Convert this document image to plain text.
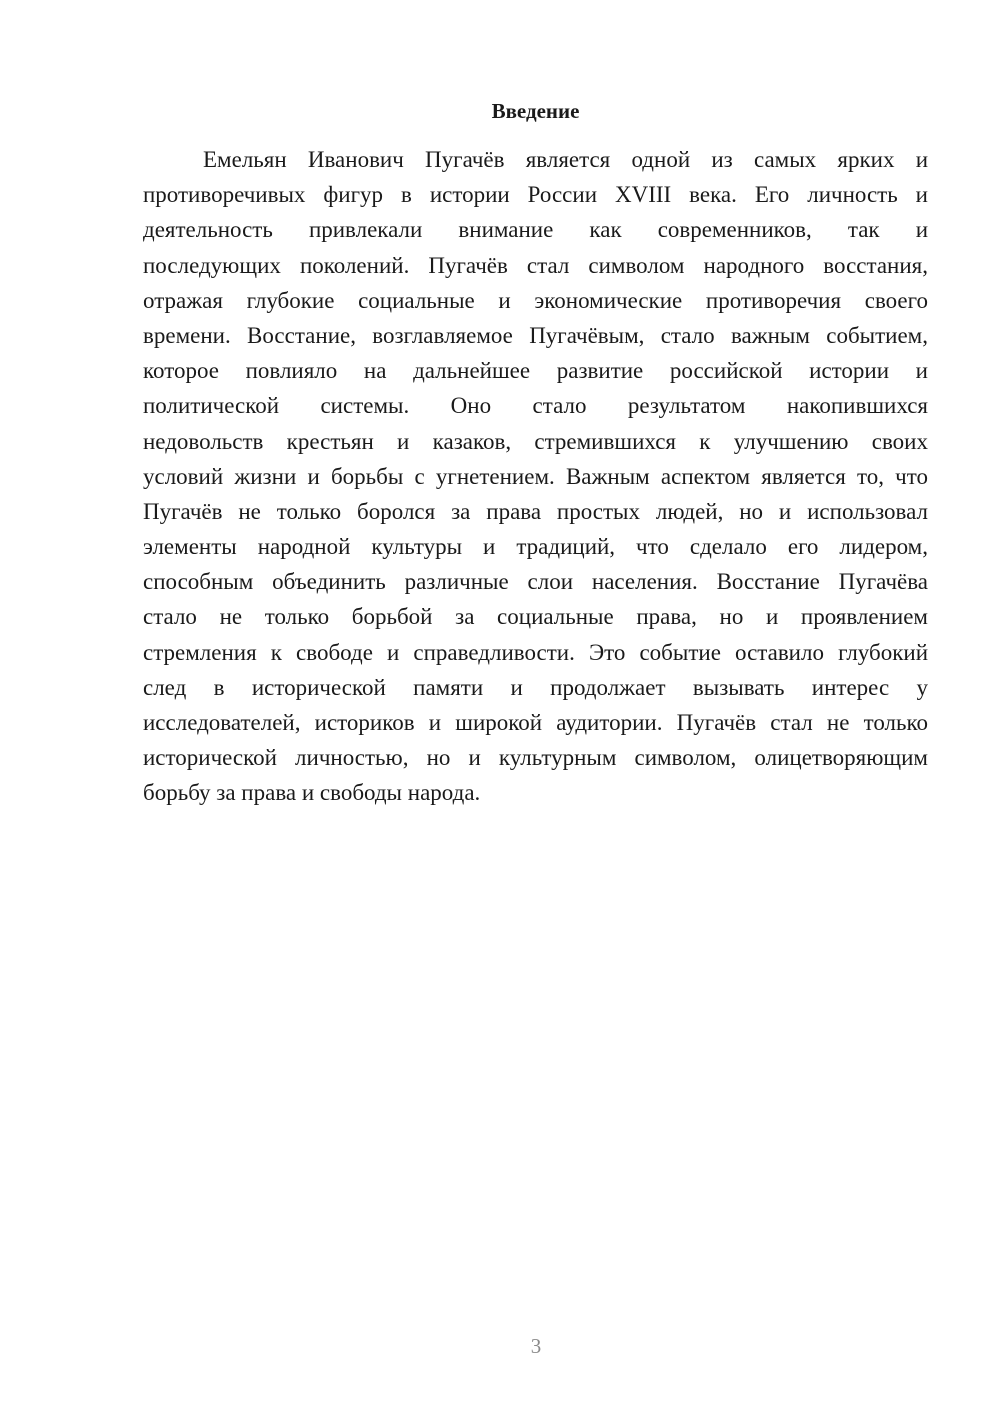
Введение
Емельян Иванович Пугачёв является одной из самых ярких и
противоречивых фигур в истории России XVIII века. Его личность и
деятельность привлекали внимание как современников, так и
последующих поколений. Пугачёв стал символом народного восстания,
отражая глубокие социальные и экономические противоречия своего
времени. Восстание, возглавляемое Пугачёвым, стало важным событием,
которое повлияло на дальнейшее развитие российской истории и
политической системы. Оно стало результатом накопившихся
недовольств крестьян и казаков, стремившихся к улучшению своих
условий жизни и борьбы с угнетением. Важным аспектом является то, что
Пугачёв не только боролся за права простых людей, но и использовал
элементы народной культуры и традиций, что сделало его лидером,
способным объединить различные слои населения. Восстание Пугачёва
стало не только борьбой за социальные права, но и проявлением
стремления к свободе и справедливости. Это событие оставило глубокий
след в исторической памяти и продолжает вызывать интерес у
исследователей, историков и широкой аудитории. Пугачёв стал не только
исторической личностью, но и культурным символом, олицетворяющим
борьбу за права и свободы народа.
3
